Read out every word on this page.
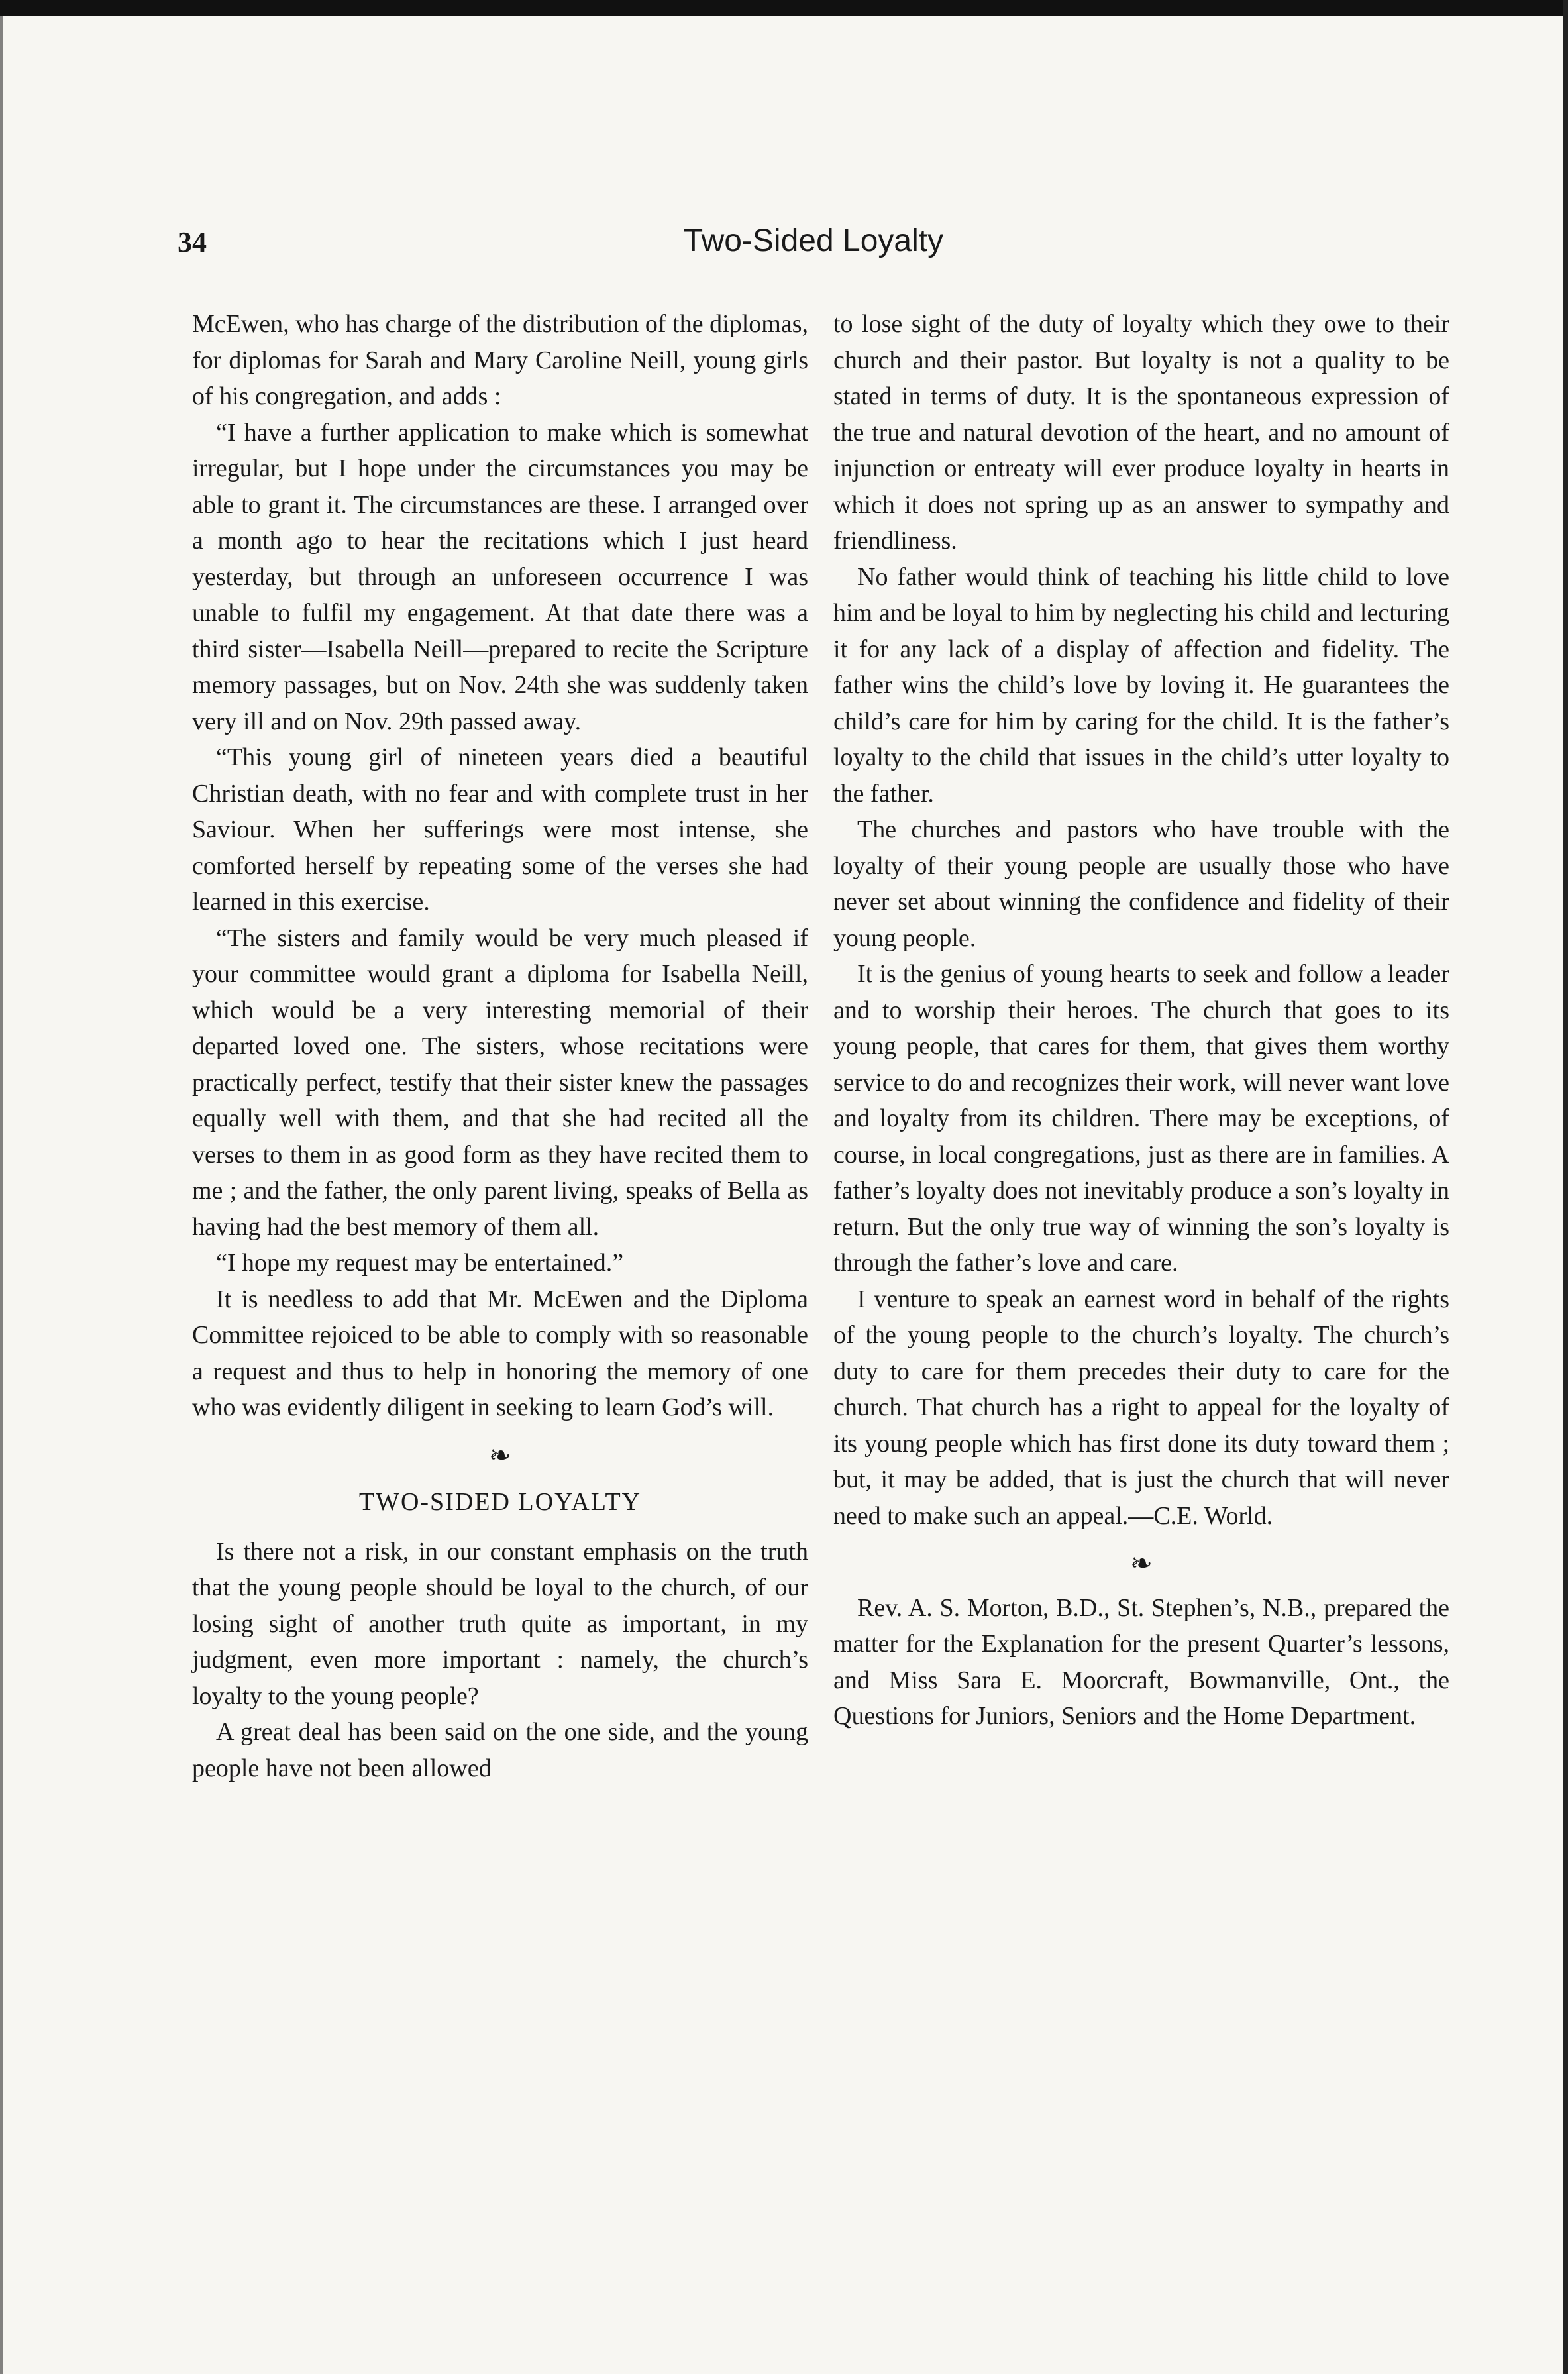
34	Two-Sided Loyalty

McEwen, who has charge of the distribution of the diplomas, for diplomas for Sarah and Mary Caroline Neill, young girls of his congregation, and adds :

“I have a further application to make which is somewhat irregular, but I hope under the circumstances you may be able to grant it. The circumstances are these. I arranged over a month ago to hear the recitations which I just heard yesterday, but through an unforeseen occurrence I was unable to fulfil my engagement. At that date there was a third sister—Isabella Neill—prepared to recite the Scripture memory passages, but on Nov. 24th she was suddenly taken very ill and on Nov. 29th passed away.

“This young girl of nineteen years died a beautiful Christian death, with no fear and with complete trust in her Saviour. When her sufferings were most intense, she comforted herself by repeating some of the verses she had learned in this exercise.

“The sisters and family would be very much pleased if your committee would grant a diploma for Isabella Neill, which would be a very interesting memorial of their departed loved one. The sisters, whose recitations were practically perfect, testify that their sister knew the passages equally well with them, and that she had recited all the verses to them in as good form as they have recited them to me ; and the father, the only parent living, speaks of Bella as having had the best memory of them all.

“I hope my request may be entertained.”

It is needless to add that Mr. McEwen and the Diploma Committee rejoiced to be able to comply with so reasonable a request and thus to help in honoring the memory of one who was evidently diligent in seeking to learn God’s will.

❧

TWO-SIDED LOYALTY

Is there not a risk, in our constant emphasis on the truth that the young people should be loyal to the church, of our losing sight of another truth quite as important, in my judgment, even more important : namely, the church’s loyalty to the young people?

A great deal has been said on the one side, and the young people have not been allowed

to lose sight of the duty of loyalty which they owe to their church and their pastor. But loyalty is not a quality to be stated in terms of duty. It is the spontaneous expression of the true and natural devotion of the heart, and no amount of injunction or entreaty will ever produce loyalty in hearts in which it does not spring up as an answer to sympathy and friendliness.

No father would think of teaching his little child to love him and be loyal to him by neglecting his child and lecturing it for any lack of a display of affection and fidelity. The father wins the child’s love by loving it. He guarantees the child’s care for him by caring for the child. It is the father’s loyalty to the child that issues in the child’s utter loyalty to the father.

The churches and pastors who have trouble with the loyalty of their young people are usually those who have never set about winning the confidence and fidelity of their young people.

It is the genius of young hearts to seek and follow a leader and to worship their heroes. The church that goes to its young people, that cares for them, that gives them worthy service to do and recognizes their work, will never want love and loyalty from its children. There may be exceptions, of course, in local congregations, just as there are in families. A father’s loyalty does not inevitably produce a son’s loyalty in return. But the only true way of winning the son’s loyalty is through the father’s love and care.

I venture to speak an earnest word in behalf of the rights of the young people to the church’s loyalty. The church’s duty to care for them precedes their duty to care for the church. That church has a right to appeal for the loyalty of its young people which has first done its duty toward them ; but, it may be added, that is just the church that will never need to make such an appeal.—C.E. World.

❧

Rev. A. S. Morton, B.D., St. Stephen’s, N.B., prepared the matter for the Explanation for the present Quarter’s lessons, and Miss Sara E. Moorcraft, Bowmanville, Ont., the Questions for Juniors, Seniors and the Home Department.
